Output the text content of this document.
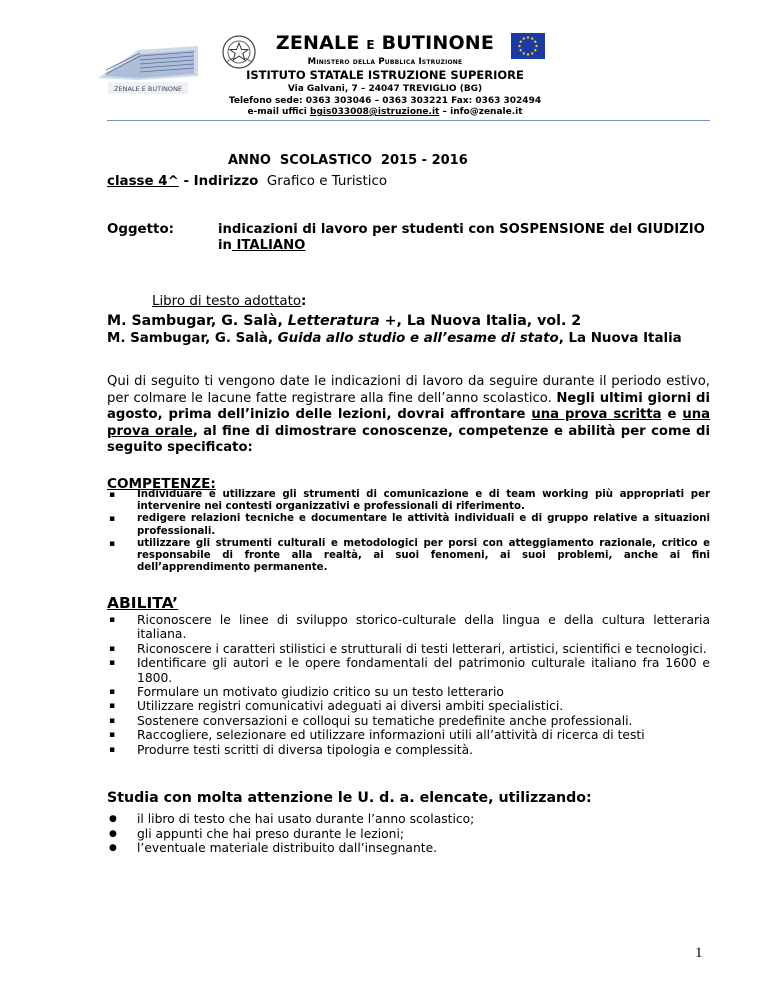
ZENALE E BUTINONE
ZENALE E BUTINONE
Ministero della Pubblica Istruzione
ISTITUTO STATALE ISTRUZIONE SUPERIORE
Via Galvani, 7 – 24047 TREVIGLIO (BG)
Telefono sede: 0363 303046 – 0363 303221 Fax: 0363 302494
e-mail uffici bgis033008@istruzione.it – info@zenale.it
ANNO  SCOLASTICO  2015 - 2016
classe 4^ - Indirizzo  Grafico e Turistico
Oggetto:	indicazioni di lavoro per studenti con SOSPENSIONE del GIUDIZIO
in ITALIANO
Libro di testo adottato:
M. Sambugar, G. Salà, Letteratura +, La Nuova Italia, vol. 2
M. Sambugar, G. Salà, Guida allo studio e all’esame di stato, La Nuova Italia
Qui di seguito ti vengono date le indicazioni di lavoro da seguire durante il periodo estivo, per colmare le lacune fatte registrare alla fine dell’anno scolastico. Negli ultimi giorni di agosto, prima dell’inizio delle lezioni, dovrai affrontare una prova scritta e una prova orale, al fine di dimostrare conoscenze, competenze e abilità per come di seguito specificato:
COMPETENZE:
▪ Individuare e utilizzare gli strumenti di comunicazione e di team working più appropriati per intervenire nei contesti organizzativi e professionali di riferimento.
▪ redigere relazioni tecniche e documentare le attività individuali e di gruppo relative a situazioni professionali.
▪ utilizzare gli strumenti culturali e metodologici per porsi con atteggiamento razionale, critico e responsabile di fronte alla realtà, ai suoi fenomeni, ai suoi problemi, anche ai fini dell’apprendimento permanente.
ABILITA’
▪ Riconoscere le linee di sviluppo storico-culturale della lingua e della cultura letteraria italiana.
▪ Riconoscere i caratteri stilistici e strutturali di testi letterari, artistici, scientifici e tecnologici.
▪ Identificare gli autori e le opere fondamentali del patrimonio culturale italiano fra 1600 e 1800.
▪ Formulare un motivato giudizio critico su un testo letterario
▪ Utilizzare registri comunicativi adeguati ai diversi ambiti specialistici.
▪ Sostenere conversazioni e colloqui su tematiche predefinite anche professionali.
▪ Raccogliere, selezionare ed utilizzare informazioni utili all’attività di ricerca di testi
▪ Produrre testi scritti di diversa tipologia e complessità.
Studia con molta attenzione le U. d. a. elencate, utilizzando:
● il libro di testo che hai usato durante l’anno scolastico;
● gli appunti che hai preso durante le lezioni;
● l’eventuale materiale distribuito dall’insegnante.
1
